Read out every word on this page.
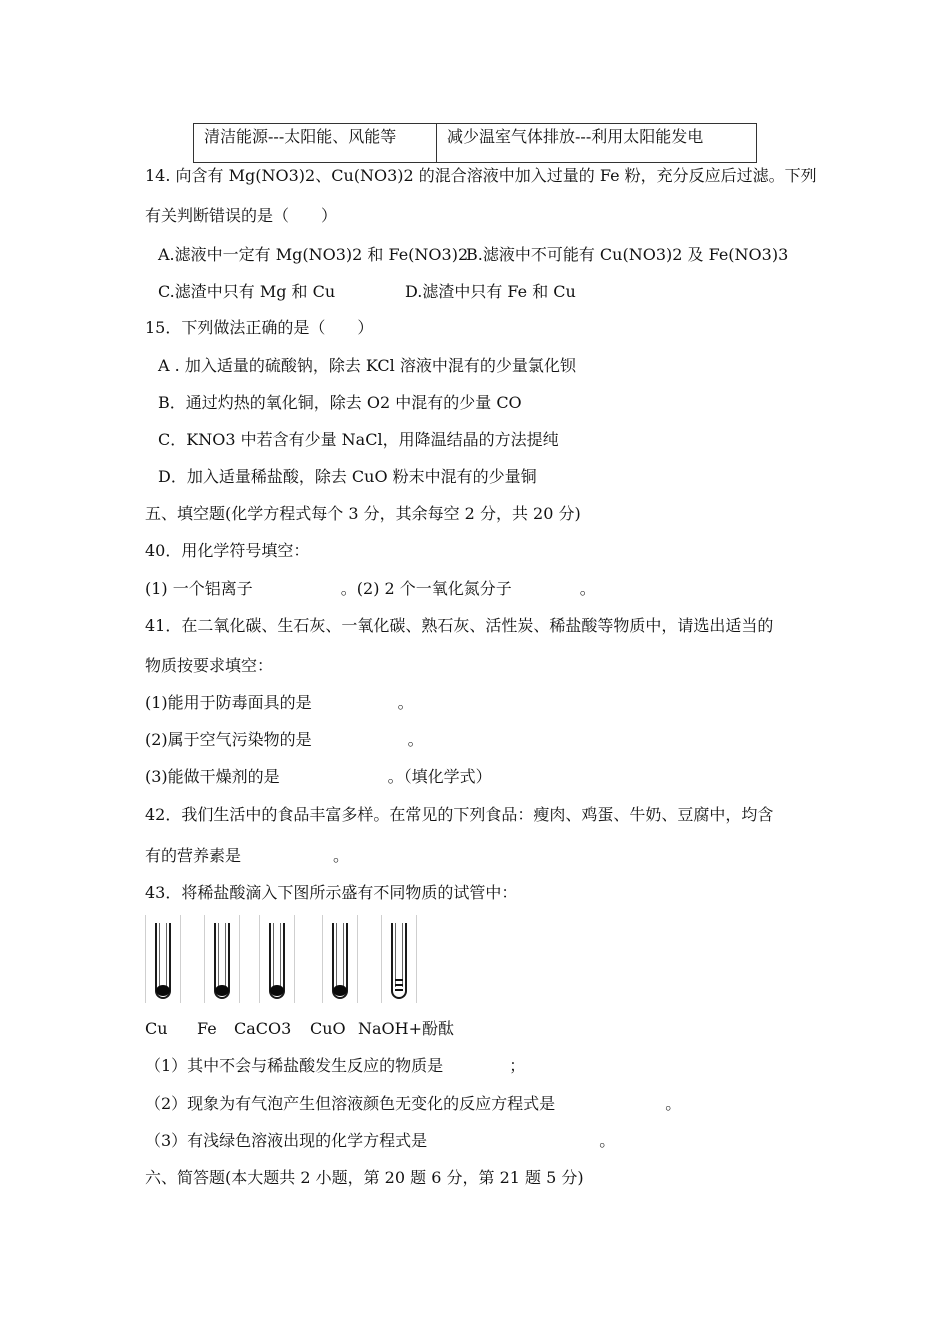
清洁能源---太阳能、风能等	减少温室气体排放---利用太阳能发电
14. 向含有 Mg(NO3)2、Cu(NO3)2 的混合溶液中加入过量的 Fe 粉，充分反应后过滤。下列
有关判断错误的是（　　）
A.滤液中一定有 Mg(NO3)2 和 Fe(NO3)2
B.滤液中不可能有 Cu(NO3)2 及 Fe(NO3)3
C.滤渣中只有 Mg 和 Cu	D.滤渣中只有 Fe 和 Cu
15．下列做法正确的是（　　）
A . 加入适量的硫酸钠，除去 KCl 溶液中混有的少量氯化钡
B．通过灼热的氧化铜，除去 O2 中混有的少量 CO
C．KNO3 中若含有少量 NaCl，用降温结晶的方法提纯
D．加入适量稀盐酸，除去 CuO 粉末中混有的少量铜
五、填空题(化学方程式每个 3 分，其余每空 2 分，共 20 分)
40．用化学符号填空：
(1) 一个铝离子	。(2) 2 个一氧化氮分子	。
41．在二氧化碳、生石灰、一氧化碳、熟石灰、活性炭、稀盐酸等物质中，请选出适当的
物质按要求填空：
(1)能用于防毒面具的是	。
(2)属于空气污染物的是	。
(3)能做干燥剂的是	。（填化学式）
42．我们生活中的食品丰富多样。在常见的下列食品：瘦肉、鸡蛋、牛奶、豆腐中，均含
有的营养素是	。
43．将稀盐酸滴入下图所示盛有不同物质的试管中：
Cu Fe CaCO3 CuO NaOH+酚酞
（1）其中不会与稀盐酸发生反应的物质是	；
（2）现象为有气泡产生但溶液颜色无变化的反应方程式是	。
（3）有浅绿色溶液出现的化学方程式是	。
六、简答题(本大题共 2 小题，第 20 题 6 分，第 21 题 5 分)
